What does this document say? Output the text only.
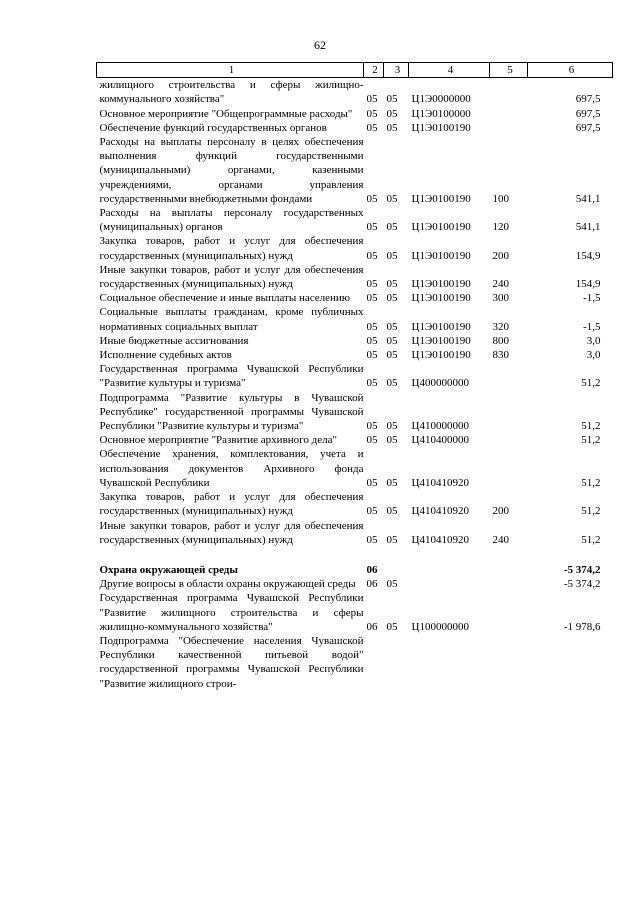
62
1	2	3	4	5	6
жилищного строительства и сферы жилищно-коммунального хозяйства"	05	05	Ц1Э0000000		697,5
Основное мероприятие "Общепрограммные расходы"	05	05	Ц1Э0100000		697,5
Обеспечение функций государственных органов	05	05	Ц1Э0100190		697,5
Расходы на выплаты персоналу в целях обеспечения выполнения функций государственными (муниципальными) органами, казенными учреждениями, органами управления государственными внебюджетными фондами	05	05	Ц1Э0100190	100	541,1
Расходы на выплаты персоналу государственных (муниципальных) органов	05	05	Ц1Э0100190	120	541,1
Закупка товаров, работ и услуг для обеспечения государственных (муниципальных) нужд	05	05	Ц1Э0100190	200	154,9
Иные закупки товаров, работ и услуг для обеспечения государственных (муниципальных) нужд	05	05	Ц1Э0100190	240	154,9
Социальное обеспечение и иные выплаты населению	05	05	Ц1Э0100190	300	-1,5
Социальные выплаты гражданам, кроме публичных нормативных социальных выплат	05	05	Ц1Э0100190	320	-1,5
Иные бюджетные ассигнования	05	05	Ц1Э0100190	800	3,0
Исполнение судебных актов	05	05	Ц1Э0100190	830	3,0
Государственная программа Чувашской Республики "Развитие культуры и туризма"	05	05	Ц400000000		51,2
Подпрограмма "Развитие культуры в Чувашской Республике" государственной программы Чувашской Республики "Развитие культуры и туризма"	05	05	Ц410000000		51,2
Основное мероприятие "Развитие архивного дела"	05	05	Ц410400000		51,2
Обеспечение хранения, комплектования, учета и использования документов Архивного фонда Чувашской Республики	05	05	Ц410410920		51,2
Закупка товаров, работ и услуг для обеспечения государственных (муниципальных) нужд	05	05	Ц410410920	200	51,2
Иные закупки товаров, работ и услуг для обеспечения государственных (муниципальных) нужд	05	05	Ц410410920	240	51,2

Охрана окружающей среды	06				-5 374,2
Другие вопросы в области охраны окружающей среды	06	05			-5 374,2
Государственная программа Чувашской Республики "Развитие жилищного строительства и сферы жилищно-коммунального хозяйства"	06	05	Ц100000000		-1 978,6
Подпрограмма "Обеспечение населения Чувашской Республики качественной питьевой водой" государственной программы Чувашской Республики "Развитие жилищного строи-					
